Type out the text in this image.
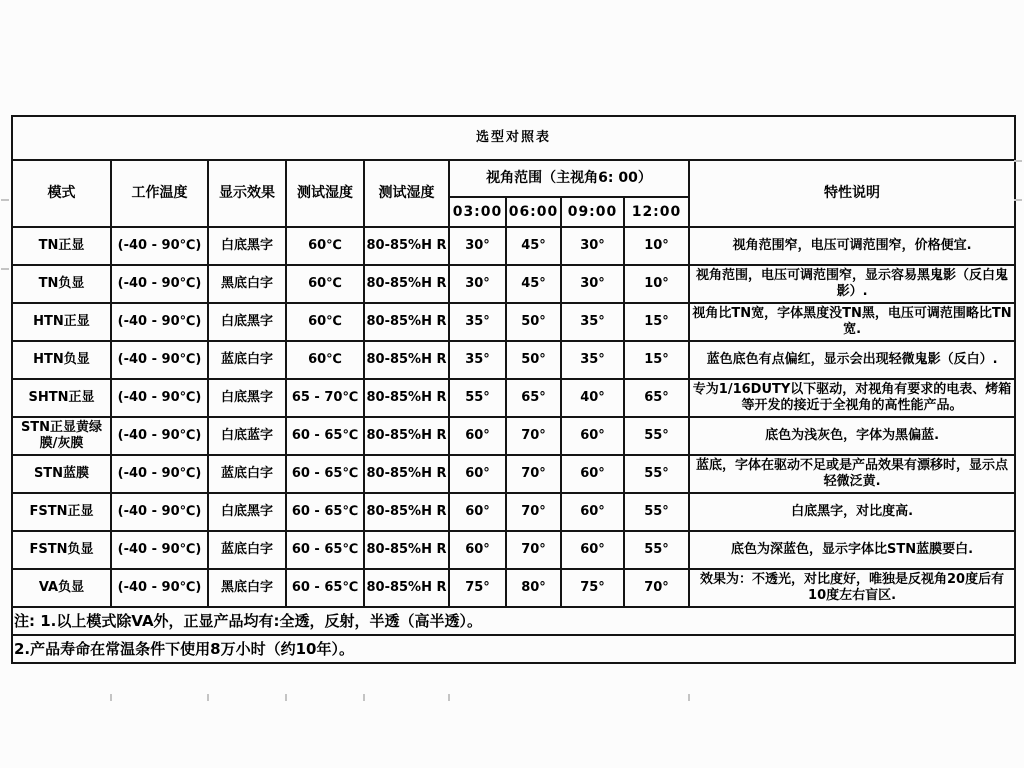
选型对照表									
模式	工作温度	显示效果	测试湿度	测试湿度	视角范围（主视角6: 00）				特性说明
					03:00	06:00	09:00	12:00	
TN正显	(-40 - 90℃)	白底黑字	60℃	80-85%H R	30°	45°	30°	10°	视角范围窄，电压可调范围窄，价格便宜.
TN负显	(-40 - 90℃)	黑底白字	60℃	80-85%H R	30°	45°	30°	10°	视角范围，电压可调范围窄，显示容易黑鬼影（反白鬼影）.
HTN正显	(-40 - 90℃)	白底黑字	60℃	80-85%H R	35°	50°	35°	15°	视角比TN宽，字体黑度没TN黑，电压可调范围略比TN宽.
HTN负显	(-40 - 90℃)	蓝底白字	60℃	80-85%H R	35°	50°	35°	15°	蓝色底色有点偏红，显示会出现轻微鬼影（反白）.
SHTN正显	(-40 - 90℃)	白底黑字	65 - 70℃	80-85%H R	55°	65°	40°	65°	专为1/16DUTY以下驱动，对视角有要求的电表、烤箱等开发的接近于全视角的高性能产品。
STN正显黄绿膜/灰膜	(-40 - 90℃)	白底蓝字	60 - 65℃	80-85%H R	60°	70°	60°	55°	底色为浅灰色，字体为黑偏蓝.
STN蓝膜	(-40 - 90℃)	蓝底白字	60 - 65℃	80-85%H R	60°	70°	60°	55°	蓝底，字体在驱动不足或是产品效果有漂移时，显示点轻微泛黄.
FSTN正显	(-40 - 90℃)	白底黑字	60 - 65℃	80-85%H R	60°	70°	60°	55°	白底黑字，对比度高.
FSTN负显	(-40 - 90℃)	蓝底白字	60 - 65℃	80-85%H R	60°	70°	60°	55°	底色为深蓝色，显示字体比STN蓝膜要白.
VA负显	(-40 - 90℃)	黑底白字	60 - 65℃	80-85%H R	75°	80°	75°	70°	效果为：不透光，对比度好，唯独是反视角20度后有10度左右盲区.
注: 1.以上模式除VA外，正显产品均有:全透，反射，半透（高半透）。									
2.产品寿命在常温条件下使用8万小时（约10年）。									
